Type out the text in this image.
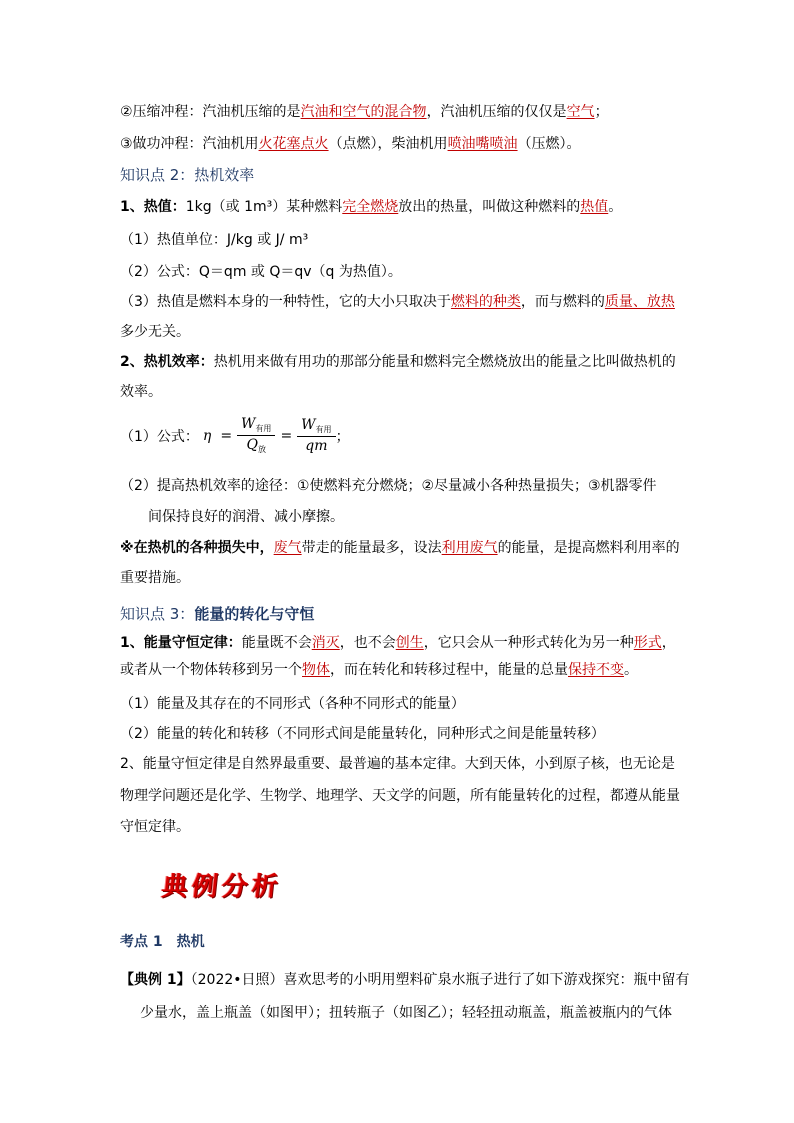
②压缩冲程：汽油机压缩的是汽油和空气的混合物，汽油机压缩的仅仅是空气；
③做功冲程：汽油机用火花塞点火（点燃），柴油机用喷油嘴喷油（压燃）。
知识点 2：热机效率
1、热值：1kg（或 1m³）某种燃料完全燃烧放出的热量，叫做这种燃料的热值。
（1）热值单位：J/kg 或 J/ m³
（2）公式：Q＝qm 或 Q＝qv（q 为热值）。
（3）热值是燃料本身的一种特性，它的大小只取决于燃料的种类，而与燃料的质量、放热
多少无关。
2、热机效率：热机用来做有用功的那部分能量和燃料完全燃烧放出的能量之比叫做热机的
效率。
（1）公式： $\eta = \frac{W_{有用}}{Q_放} = \frac{W_{有用}}{qm}$ ；
（2）提高热机效率的途径：①使燃料充分燃烧；②尽量减小各种热量损失；③机器零件
间保持良好的润滑、减小摩擦。
※在热机的各种损失中，废气带走的能量最多，设法利用废气的能量，是提高燃料利用率的
重要措施。
知识点 3：能量的转化与守恒
1、能量守恒定律：能量既不会消灭，也不会创生，它只会从一种形式转化为另一种形式，
或者从一个物体转移到另一个物体，而在转化和转移过程中，能量的总量保持不变。
（1）能量及其存在的不同形式（各种不同形式的能量）
（2）能量的转化和转移（不同形式间是能量转化，同种形式之间是能量转移）
2、能量守恒定律是自然界最重要、最普遍的基本定律。大到天体，小到原子核，也无论是
物理学问题还是化学、生物学、地理学、天文学的问题，所有能量转化的过程，都遵从能量
守恒定律。
典例分析
考点 1　热机
【典例 1】（2022•日照）喜欢思考的小明用塑料矿泉水瓶子进行了如下游戏探究：瓶中留有
少量水，盖上瓶盖（如图甲）；扭转瓶子（如图乙）；轻轻扭动瓶盖，瓶盖被瓶内的气体
